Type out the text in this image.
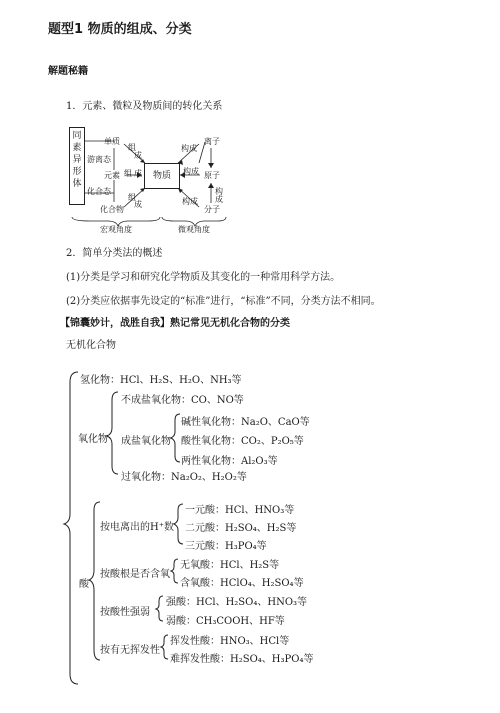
题型1 物质的组成、分类
解题秘籍
1．元素、微粒及物质间的转化关系
同素异形体
物质
单质
元素
化合物
游离态
化合态
组
成
组 成
组
成
离子
原子
分子
构成
构成
构
成
构成
宏观角度	微观角度
2．简单分类法的概述
(1)分类是学习和研究化学物质及其变化的一种常用科学方法。
(2)分类应依据事先设定的“标准”进行，“标准”不同，分类方法不相同。
【锦囊妙计，战胜自我】熟记常见无机化合物的分类
无机化合物
氢化物：HCl、H₂S、H₂O、NH₃等
氧化物
不成盐氧化物：CO、NO等
成盐氧化物
碱性氧化物：Na₂O、CaO等
酸性氧化物：CO₂、P₂O₅等
两性氧化物：Al₂O₃等
过氧化物：Na₂O₂、H₂O₂等
酸
按电离出的H⁺数
一元酸：HCl、HNO₃等
二元酸：H₂SO₄、H₂S等
三元酸：H₃PO₄等
按酸根是否含氧
无氧酸：HCl、H₂S等
含氧酸：HClO₄、H₂SO₄等
按酸性强弱
强酸：HCl、H₂SO₄、HNO₃等
弱酸：CH₃COOH、HF等
按有无挥发性
挥发性酸：HNO₃、HCl等
难挥发性酸：H₂SO₄、H₃PO₄等
